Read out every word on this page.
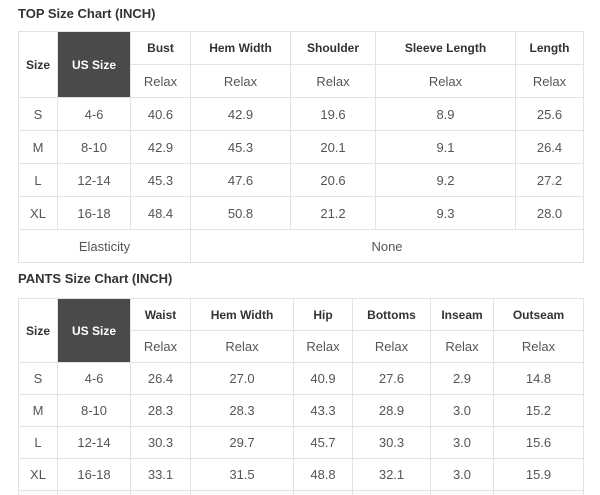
TOP Size Chart (INCH)
Size	US Size	Bust	Hem Width	Shoulder	Sleeve Length	Length
		Relax	Relax	Relax	Relax	Relax
S	4-6	40.6	42.9	19.6	8.9	25.6
M	8-10	42.9	45.3	20.1	9.1	26.4
L	12-14	45.3	47.6	20.6	9.2	27.2
XL	16-18	48.4	50.8	21.2	9.3	28.0
Elasticity			None			
PANTS Size Chart (INCH)
Size	US Size	Waist	Hem Width	Hip	Bottoms	Inseam	Outseam
		Relax	Relax	Relax	Relax	Relax	Relax
S	4-6	26.4	27.0	40.9	27.6	2.9	14.8
M	8-10	28.3	28.3	43.3	28.9	3.0	15.2
L	12-14	30.3	29.7	45.7	30.3	3.0	15.6
XL	16-18	33.1	31.5	48.8	32.1	3.0	15.9
